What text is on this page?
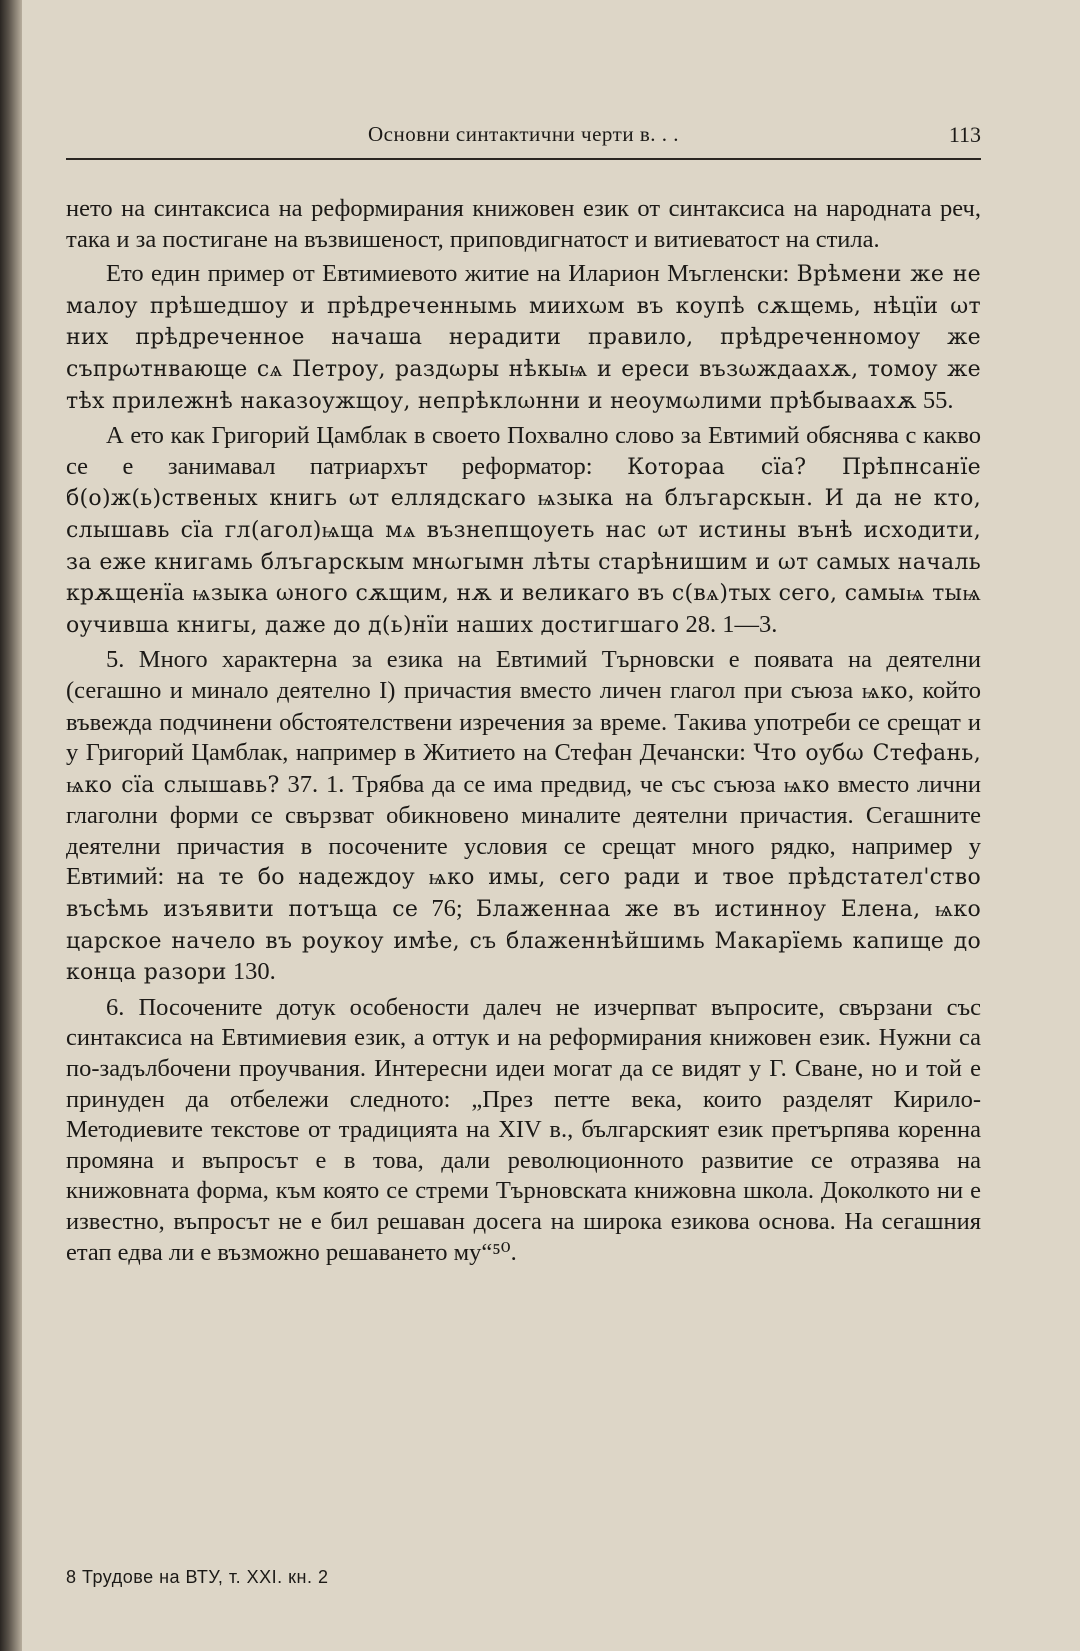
Основни синтактични черти в. . .	113

нето на синтаксиса на реформирания книжовен език от синтаксиса на народната реч, така и за постигане на възвишеност, приповдигнатост и витиеватост на стила.

Ето един пример от Евтимиевото житие на Иларион Мъгленски: Врѣмени же не малоу прѣшедшоу и прѣдреченнымь миихωм въ коупѣ сѫщемь, нѣцїи ωт них прѣдреченное начаша нерадити правило, прѣдреченномоу же съпрωтнвающе сѧ Петроу, раздωры нѣкыѩ и ереси възωждаахѫ, томоу же тѣх прилежнѣ наказоужщоу, непрѣклωнни и неоумωлими прѣбываахѫ 55.

А ето как Григорий Цамблак в своето Похвално слово за Евтимий обяснява с какво се е занимавал патриархът реформатор: Котораа сїа? Прѣпнсанїе б(о)ж(ь)ственых книгь ωт еллядскаго ѩзыка на блъгарскын. И да не кто, слышавь сїа гл(агол)ѩща мѧ възнепщоуеть нас ωт истины вънѣ исходити, за еже книгамь блъгарскым мнωгымн лѣты старѣнишим и ωт самых началь крѫщенїа ѩзыка ωного сѫщим, нѫ и великаго въ с(вѧ)тых сего, самыѩ тыѩ оучивша книгы, даже до д(ь)нїи нашиx достигшаго 28. 1—3.

5. Много характерна за езика на Евтимий Търновски е появата на деятелни (сегашно и минало деятелно I) причастия вместо личен глагол при съюза ѩко, който въвежда подчинени обстоятелствени изречения за време. Такива употреби се срещат и у Григорий Цамблак, например в Житието на Стефан Дечански: Что оубω Стефань, ѩко сїа слышавь? 37. 1. Трябва да се има предвид, че със съюза ѩко вместо лични глаголни форми се свързват обикновено миналите деятелни причастия. Сегашните деятелни причастия в посочените условия се срещат много рядко, например у Евтимий: на те бо надеждоу ѩко имы, сего ради и твое прѣдстател'ство въсѣмь изъявити потъща се 76; Блаженнаа же въ истинноу Елена, ѩко царское начело въ роукоу имѣе, съ блаженнѣйшимь Макарїемь капище до конца разори 130.

6. Посочените дотук особености далеч не изчерпват въпросите, свързани със синтаксиса на Евтимиевия език, а оттук и на реформирания книжовен език. Нужни са по-задълбочени проучвания. Интересни идеи могат да се видят у Г. Сване, но и той е принуден да отбележи следното: „През петте века, които разделят Кирило-Методиевите текстове от традицията на XIV в., българският език претърпява коренна промяна и въпросът е в това, дали революционното развитие се отразява на книжовната форма, към която се стреми Търновската книжовна школа. Доколкото ни е известно, въпросът не е бил решаван досега на широка езикова основа. На сегашния етап едва ли е възможно решаването му“⁵⁰.

8 Трудове на ВТУ, т. XXI. кн. 2
